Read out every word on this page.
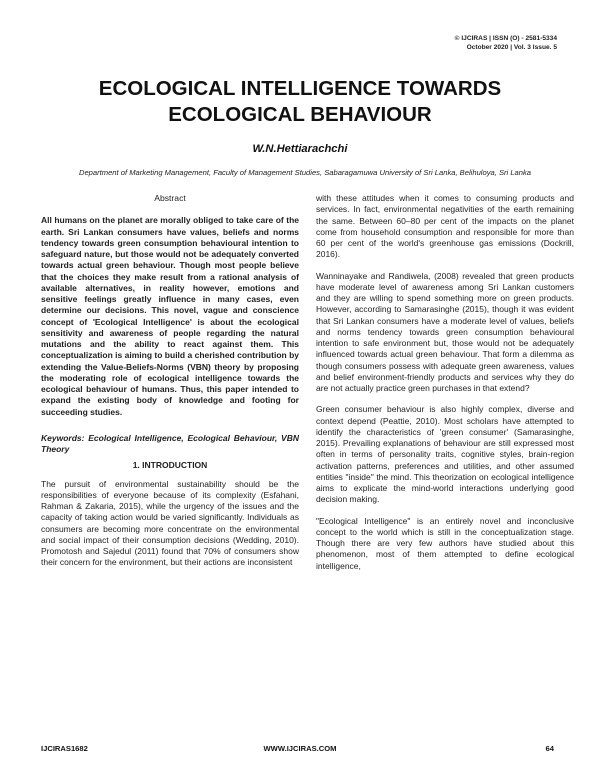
© IJCIRAS | ISSN (O) - 2581-5334
October 2020 | Vol. 3 Issue. 5
ECOLOGICAL INTELLIGENCE TOWARDS ECOLOGICAL BEHAVIOUR
W.N.Hettiarachchi
Department of Marketing Management, Faculty of Management Studies, Sabaragamuwa University of Sri Lanka, Belihuloya, Sri Lanka
Abstract

All humans on the planet are morally obliged to take care of the earth. Sri Lankan consumers have values, beliefs and norms tendency towards green consumption behavioural intention to safeguard nature, but those would not be adequately converted towards actual green behaviour. Though most people believe that the choices they make result from a rational analysis of available alternatives, in reality however, emotions and sensitive feelings greatly influence in many cases, even determine our decisions. This novel, vague and conscience concept of 'Ecological Intelligence' is about the ecological sensitivity and awareness of people regarding the natural mutations and the ability to react against them. This conceptualization is aiming to build a cherished contribution by extending the Value-Beliefs-Norms (VBN) theory by proposing the moderating role of ecological intelligence towards the ecological behaviour of humans. Thus, this paper intended to expand the existing body of knowledge and footing for succeeding studies.

Keywords: Ecological Intelligence, Ecological Behaviour, VBN Theory

1. INTRODUCTION

The pursuit of environmental sustainability should be the responsibilities of everyone because of its complexity (Esfahani, Rahman & Zakaria, 2015), while the urgency of the issues and the capacity of taking action would be varied significantly. Individuals as consumers are becoming more concentrate on the environmental and social impact of their consumption decisions (Wedding, 2010). Promotosh and Sajedul (2011) found that 70% of consumers show their concern for the environment, but their actions are inconsistent

with these attitudes when it comes to consuming products and services. In fact, environmental negativities of the earth remaining the same. Between 60–80 per cent of the impacts on the planet come from household consumption and responsible for more than 60 per cent of the world's greenhouse gas emissions (Dockrill, 2016).

Wanninayake and Randiwela, (2008) revealed that green products have moderate level of awareness among Sri Lankan customers and they are willing to spend something more on green products. However, according to Samarasinghe (2015), though it was evident that Sri Lankan consumers have a moderate level of values, beliefs and norms tendency towards green consumption behavioural intention to safe environment but, those would not be adequately influenced towards actual green behaviour. That form a dilemma as though consumers possess with adequate green awareness, values and belief environment-friendly products and services why they do are not actually practice green purchases in that extend?

Green consumer behaviour is also highly complex, diverse and context depend (Peattie, 2010). Most scholars have attempted to identify the characteristics of 'green consumer' (Samarasinghe, 2015). Prevailing explanations of behaviour are still expressed most often in terms of personality traits, cognitive styles, brain-region activation patterns, preferences and utilities, and other assumed entities "inside" the mind. This theorization on ecological intelligence aims to explicate the mind-world interactions underlying good decision making.

"Ecological Intelligence" is an entirely novel and inconclusive concept to the world which is still in the conceptualization stage. Though there are very few authors have studied about this phenomenon, most of them attempted to define ecological intelligence,

IJCIRAS1682	WWW.IJCIRAS.COM	64
